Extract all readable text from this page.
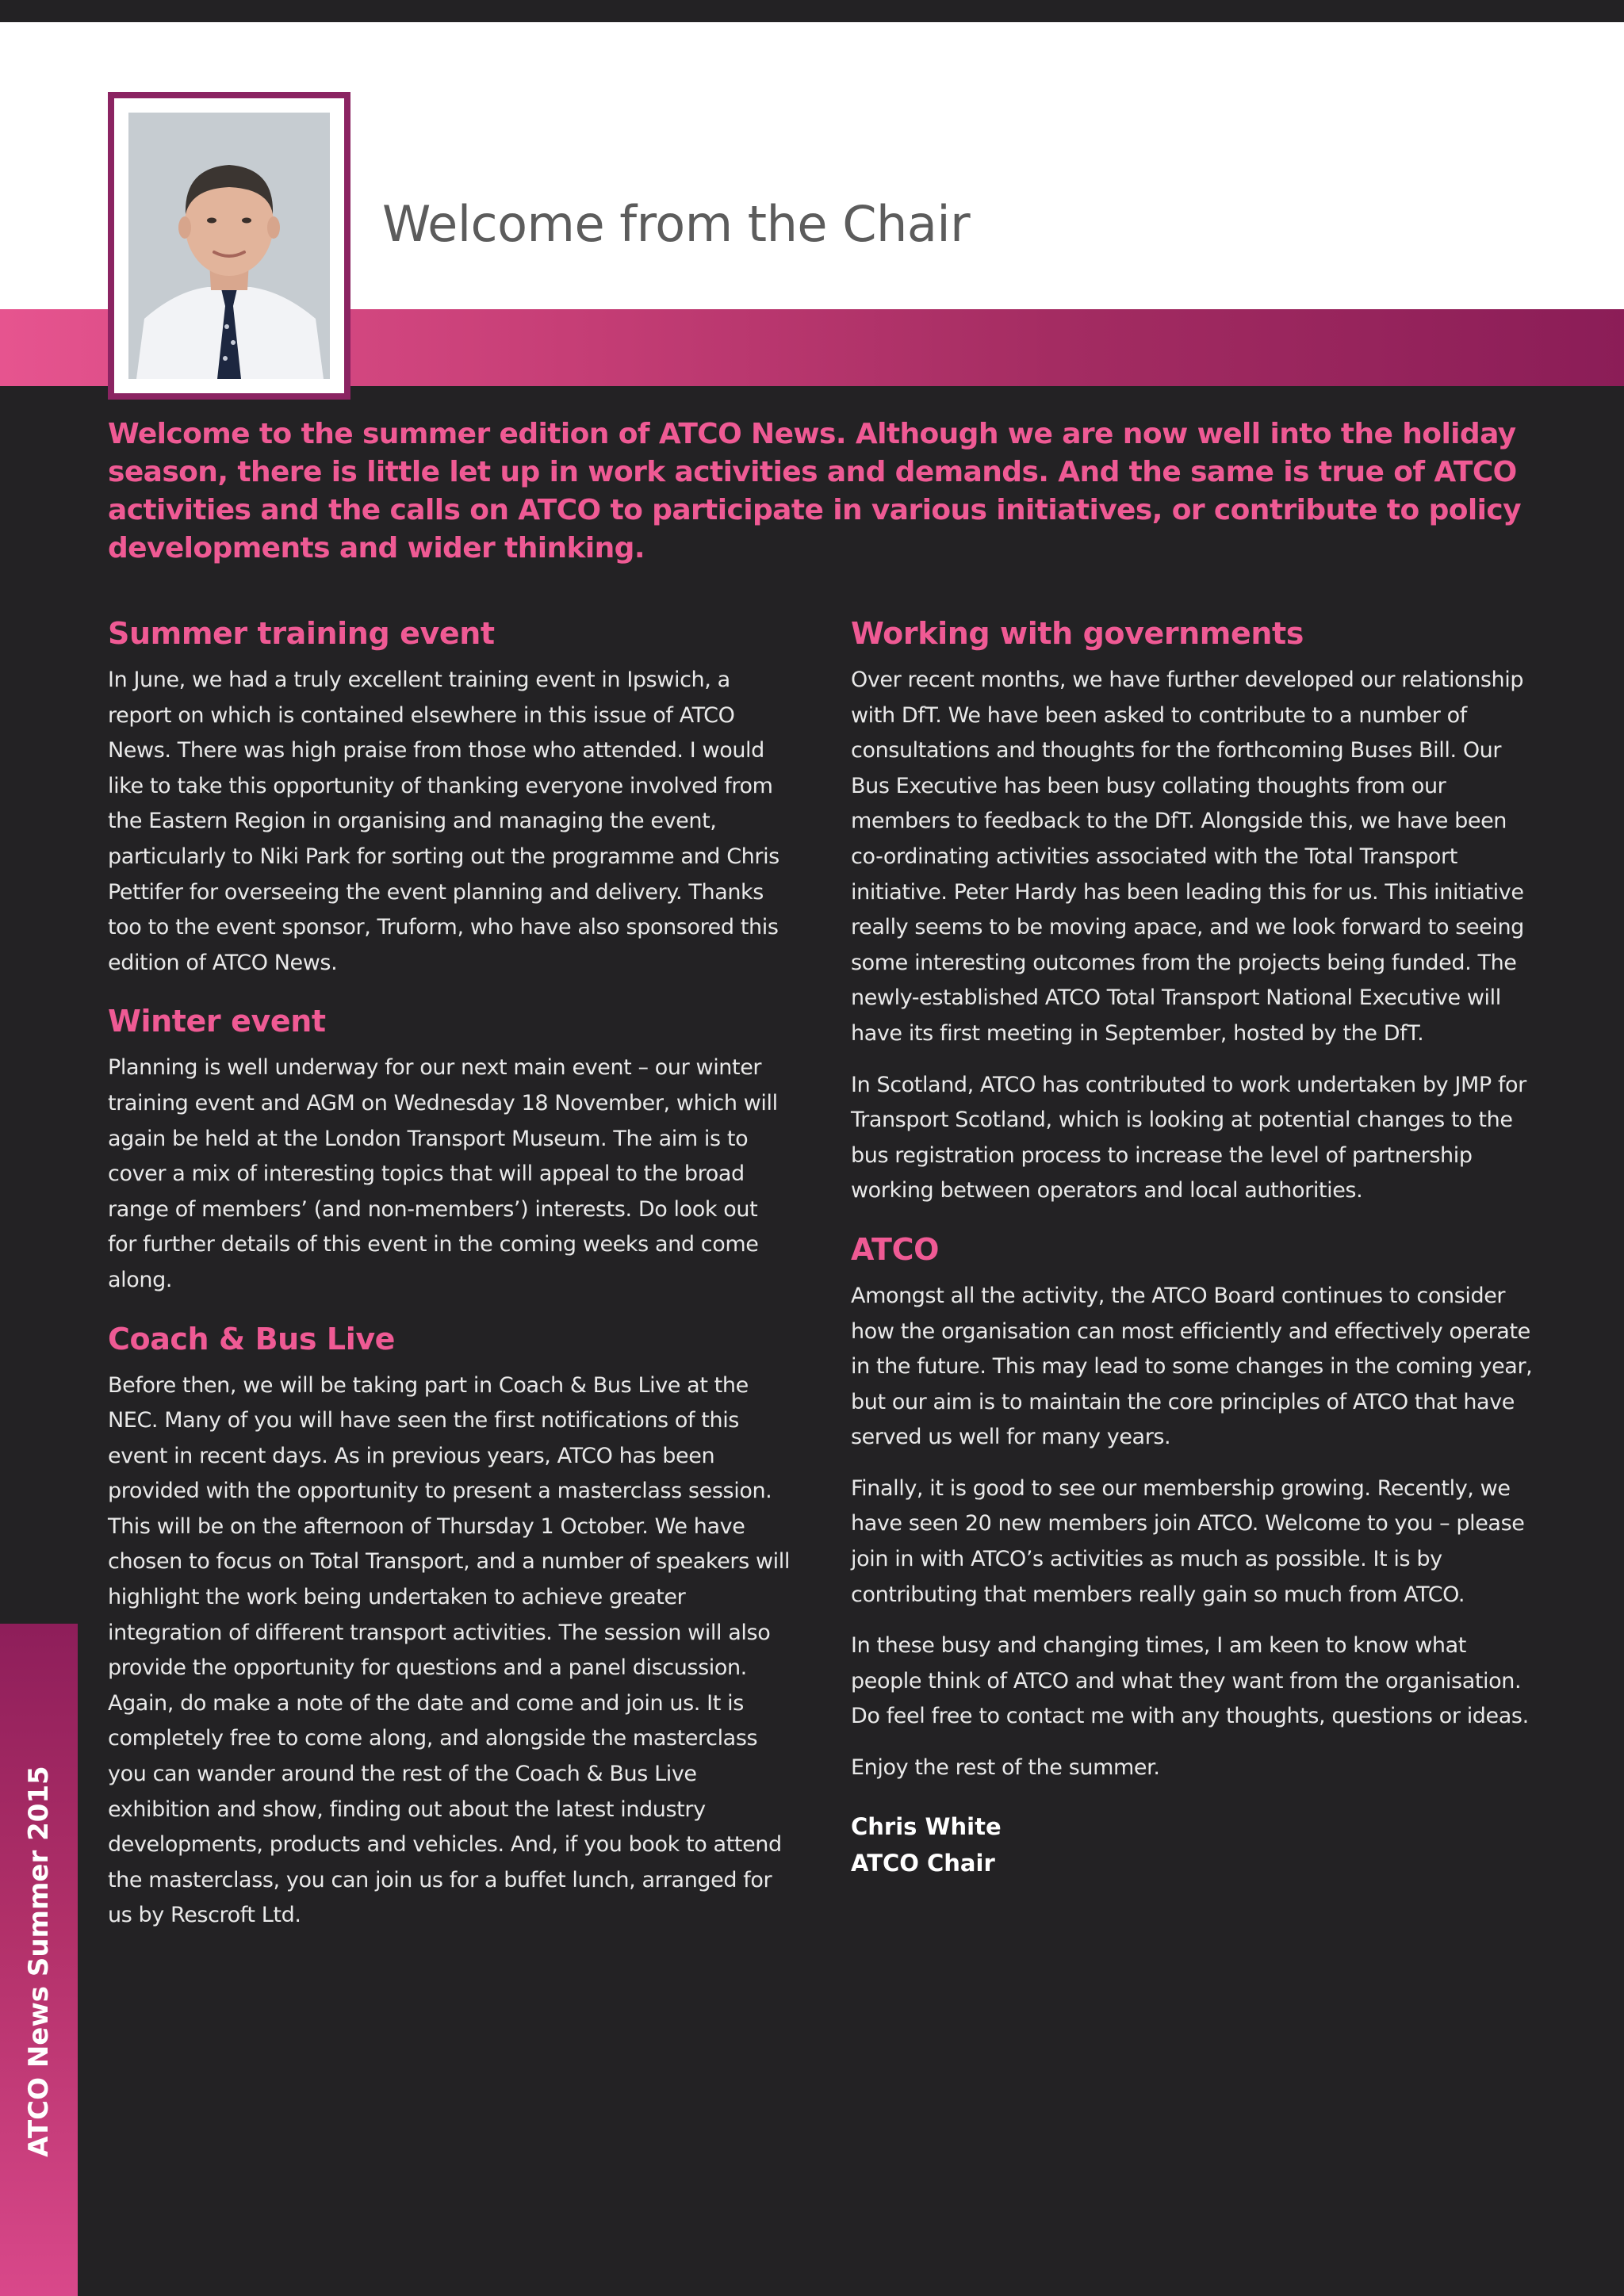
Welcome from the Chair

Welcome to the summer edition of ATCO News. Although we are now well into the holiday season, there is little let up in work activities and demands. And the same is true of ATCO activities and the calls on ATCO to participate in various initiatives, or contribute to policy developments and wider thinking.

Summer training event

In June, we had a truly excellent training event in Ipswich, a report on which is contained elsewhere in this issue of ATCO News. There was high praise from those who attended. I would like to take this opportunity of thanking everyone involved from the Eastern Region in organising and managing the event, particularly to Niki Park for sorting out the programme and Chris Pettifer for overseeing the event planning and delivery. Thanks too to the event sponsor, Truform, who have also sponsored this edition of ATCO News.

Winter event

Planning is well underway for our next main event – our winter training event and AGM on Wednesday 18 November, which will again be held at the London Transport Museum. The aim is to cover a mix of interesting topics that will appeal to the broad range of members’ (and non-members’) interests. Do look out for further details of this event in the coming weeks and come along.

Coach & Bus Live

Before then, we will be taking part in Coach & Bus Live at the NEC. Many of you will have seen the first notifications of this event in recent days. As in previous years, ATCO has been provided with the opportunity to present a masterclass session. This will be on the afternoon of Thursday 1 October. We have chosen to focus on Total Transport, and a number of speakers will highlight the work being undertaken to achieve greater integration of different transport activities. The session will also provide the opportunity for questions and a panel discussion. Again, do make a note of the date and come and join us. It is completely free to come along, and alongside the masterclass you can wander around the rest of the Coach & Bus Live exhibition and show, finding out about the latest industry developments, products and vehicles. And, if you book to attend the masterclass, you can join us for a buffet lunch, arranged for us by Rescroft Ltd.

Working with governments

Over recent months, we have further developed our relationship with DfT. We have been asked to contribute to a number of consultations and thoughts for the forthcoming Buses Bill. Our Bus Executive has been busy collating thoughts from our members to feedback to the DfT. Alongside this, we have been co-ordinating activities associated with the Total Transport initiative. Peter Hardy has been leading this for us. This initiative really seems to be moving apace, and we look forward to seeing some interesting outcomes from the projects being funded. The newly-established ATCO Total Transport National Executive will have its first meeting in September, hosted by the DfT.

In Scotland, ATCO has contributed to work undertaken by JMP for Transport Scotland, which is looking at potential changes to the bus registration process to increase the level of partnership working between operators and local authorities.

ATCO

Amongst all the activity, the ATCO Board continues to consider how the organisation can most efficiently and effectively operate in the future. This may lead to some changes in the coming year, but our aim is to maintain the core principles of ATCO that have served us well for many years.

Finally, it is good to see our membership growing. Recently, we have seen 20 new members join ATCO. Welcome to you – please join in with ATCO’s activities as much as possible. It is by contributing that members really gain so much from ATCO.

In these busy and changing times, I am keen to know what people think of ATCO and what they want from the organisation. Do feel free to contact me with any thoughts, questions or ideas.

Enjoy the rest of the summer.

Chris White
ATCO Chair
ATCO News Summer 2015
